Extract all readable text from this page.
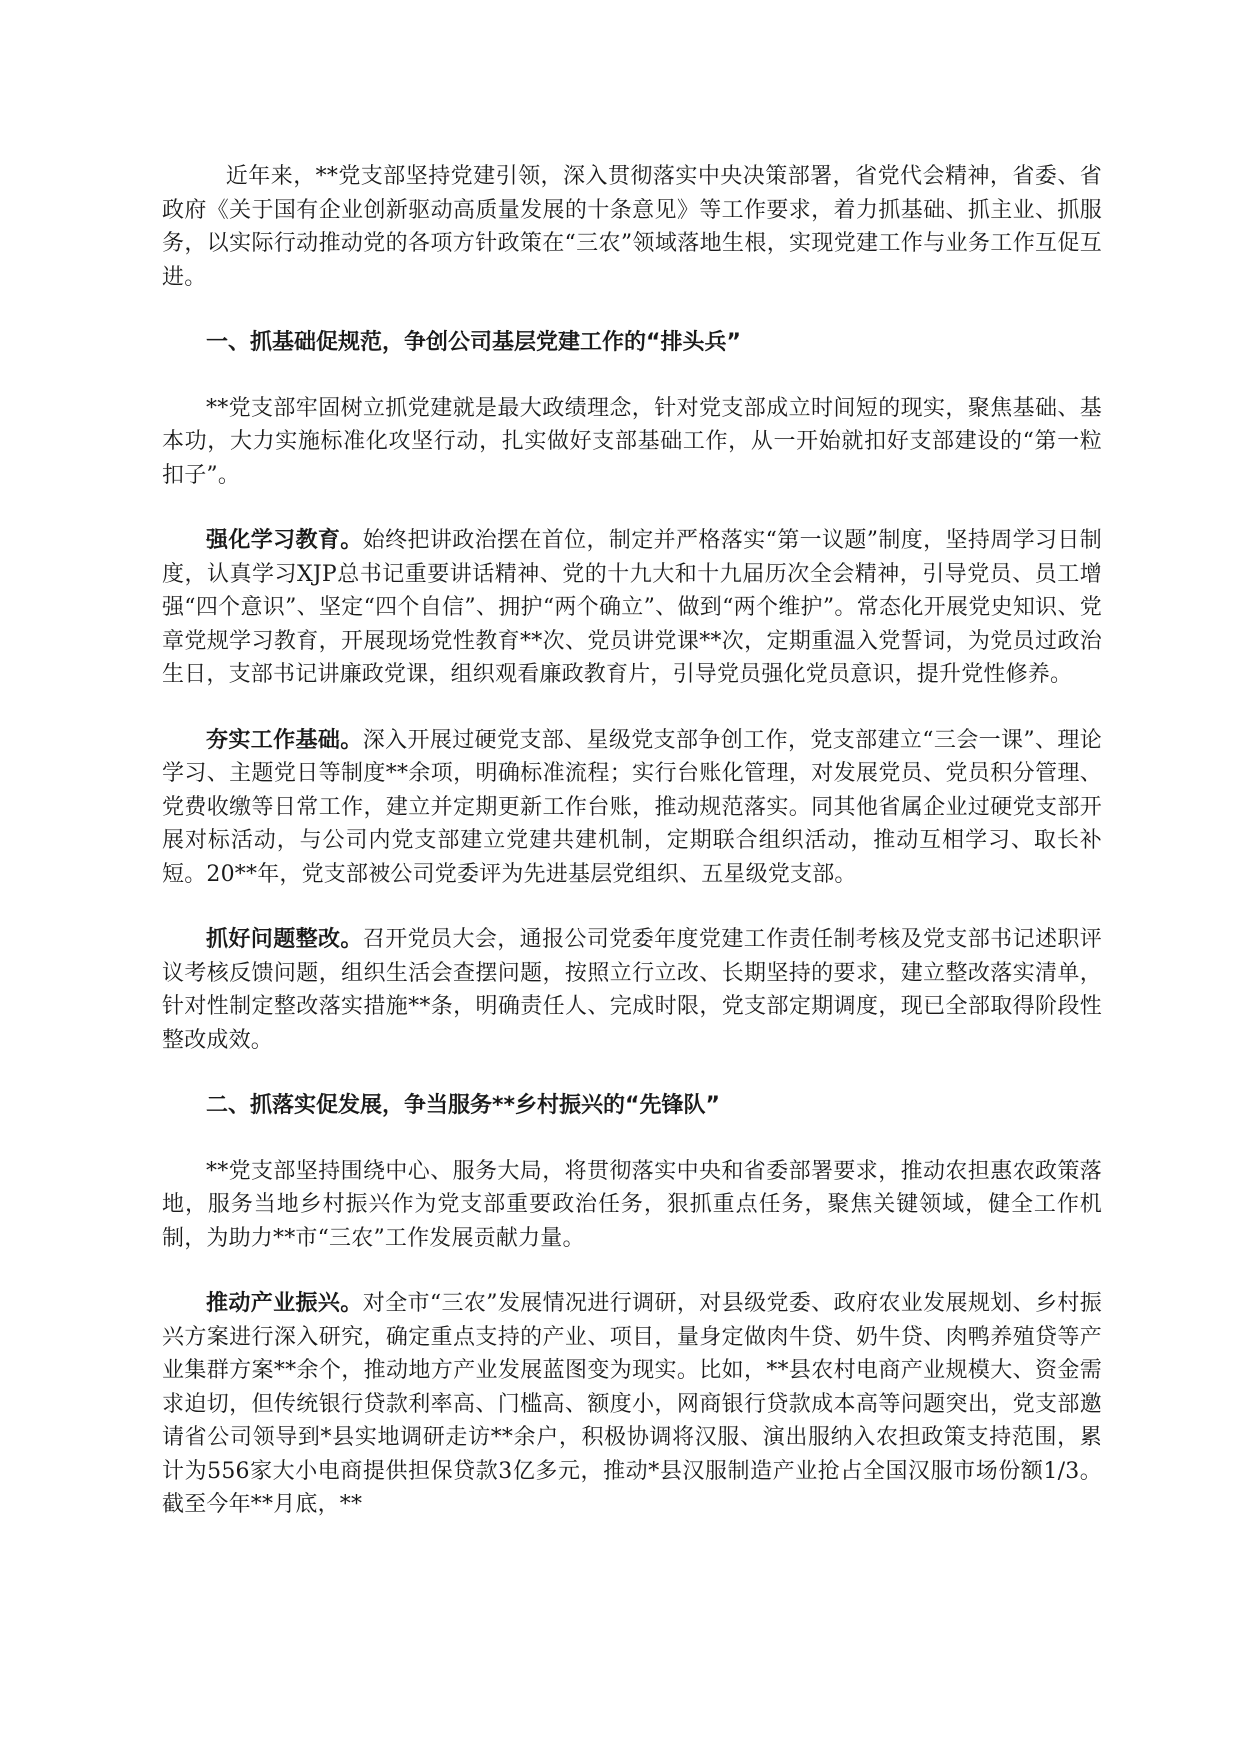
近年来，**党支部坚持党建引领，深入贯彻落实中央决策部署，省党代会精神，省委、省政府《关于国有企业创新驱动高质量发展的十条意见》等工作要求，着力抓基础、抓主业、抓服务，以实际行动推动党的各项方针政策在“三农”领域落地生根，实现党建工作与业务工作互促互进。

一、抓基础促规范，争创公司基层党建工作的“排头兵”

**党支部牢固树立抓党建就是最大政绩理念，针对党支部成立时间短的现实，聚焦基础、基本功，大力实施标准化攻坚行动，扎实做好支部基础工作，从一开始就扣好支部建设的“第一粒扣子”。

强化学习教育。始终把讲政治摆在首位，制定并严格落实“第一议题”制度，坚持周学习日制度，认真学习XJP总书记重要讲话精神、党的十九大和十九届历次全会精神，引导党员、员工增强“四个意识”、坚定“四个自信”、拥护“两个确立”、做到“两个维护”。常态化开展党史知识、党章党规学习教育，开展现场党性教育**次、党员讲党课**次，定期重温入党誓词，为党员过政治生日，支部书记讲廉政党课，组织观看廉政教育片，引导党员强化党员意识，提升党性修养。

夯实工作基础。深入开展过硬党支部、星级党支部争创工作，党支部建立“三会一课”、理论学习、主题党日等制度**余项，明确标准流程；实行台账化管理，对发展党员、党员积分管理、党费收缴等日常工作，建立并定期更新工作台账，推动规范落实。同其他省属企业过硬党支部开展对标活动，与公司内党支部建立党建共建机制，定期联合组织活动，推动互相学习、取长补短。20**年，党支部被公司党委评为先进基层党组织、五星级党支部。

抓好问题整改。召开党员大会，通报公司党委年度党建工作责任制考核及党支部书记述职评议考核反馈问题，组织生活会查摆问题，按照立行立改、长期坚持的要求，建立整改落实清单，针对性制定整改落实措施**条，明确责任人、完成时限，党支部定期调度，现已全部取得阶段性整改成效。

二、抓落实促发展，争当服务**乡村振兴的“先锋队”

**党支部坚持围绕中心、服务大局，将贯彻落实中央和省委部署要求，推动农担惠农政策落地，服务当地乡村振兴作为党支部重要政治任务，狠抓重点任务，聚焦关键领域，健全工作机制，为助力**市“三农”工作发展贡献力量。

推动产业振兴。对全市“三农”发展情况进行调研，对县级党委、政府农业发展规划、乡村振兴方案进行深入研究，确定重点支持的产业、项目，量身定做肉牛贷、奶牛贷、肉鸭养殖贷等产业集群方案**余个，推动地方产业发展蓝图变为现实。比如，**县农村电商产业规模大、资金需求迫切，但传统银行贷款利率高、门槛高、额度小，网商银行贷款成本高等问题突出，党支部邀请省公司领导到*县实地调研走访**余户，积极协调将汉服、演出服纳入农担政策支持范围，累计为556家大小电商提供担保贷款3亿多元，推动*县汉服制造产业抢占全国汉服市场份额1/3。截至今年**月底，**
